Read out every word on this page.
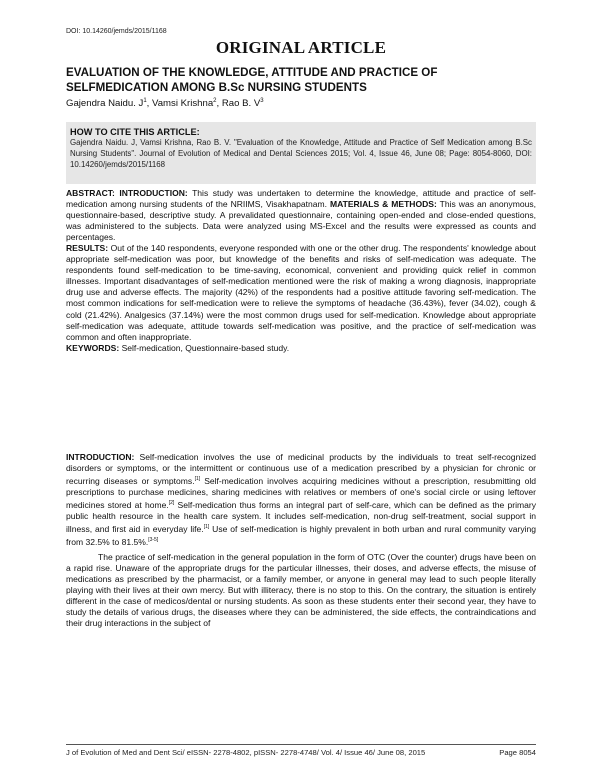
DOI: 10.14260/jemds/2015/1168
ORIGINAL ARTICLE
EVALUATION OF THE KNOWLEDGE, ATTITUDE AND PRACTICE OF SELFMEDICATION AMONG B.Sc NURSING STUDENTS
Gajendra Naidu. $J^1$, Vamsi Krishna$^2$, Rao B. $V^3$
HOW TO CITE THIS ARTICLE:
Gajendra Naidu. J, Vamsi Krishna, Rao B. V. "Evaluation of the Knowledge, Attitude and Practice of Self Medication among B.Sc Nursing Students". Journal of Evolution of Medical and Dental Sciences 2015; Vol. 4, Issue 46, June 08; Page: 8054-8060, DOI: 10.14260/jemds/2015/1168
ABSTRACT: INTRODUCTION: This study was undertaken to determine the knowledge, attitude and practice of self-medication among nursing students of the NRIIMS, Visakhapatnam. MATERIALS & METHODS: This was an anonymous, questionnaire-based, descriptive study. A prevalidated questionnaire, containing open-ended and close-ended questions, was administered to the subjects. Data were analyzed using MS-Excel and the results were expressed as counts and percentages.
RESULTS: Out of the 140 respondents, everyone responded with one or the other drug. The respondents' knowledge about appropriate self-medication was poor, but knowledge of the benefits and risks of self-medication was adequate. The respondents found self-medication to be time-saving, economical, convenient and providing quick relief in common illnesses. Important disadvantages of self-medication mentioned were the risk of making a wrong diagnosis, inappropriate drug use and adverse effects. The majority (42%) of the respondents had a positive attitude favoring self-medication. The most common indications for self-medication were to relieve the symptoms of headache (36.43%), fever (34.02), cough & cold (21.42%). Analgesics (37.14%) were the most common drugs used for self-medication. Knowledge about appropriate self-medication was adequate, attitude towards self-medication was positive, and the practice of self-medication was common and often inappropriate.
KEYWORDS: Self-medication, Questionnaire-based study.

INTRODUCTION: Self-medication involves the use of medicinal products by the individuals to treat self-recognized disorders or symptoms, or the intermittent or continuous use of a medication prescribed by a physician for chronic or recurring diseases or symptoms.[1] Self-medication involves acquiring medicines without a prescription, resubmitting old prescriptions to purchase medicines, sharing medicines with relatives or members of one's social circle or using leftover medicines stored at home.[2] Self-medication thus forms an integral part of self-care, which can be defined as the primary public health resource in the health care system. It includes self-medication, non-drug self-treatment, social support in illness, and first aid in everyday life.[1] Use of self-medication is highly prevalent in both urban and rural community varying from 32.5% to 81.5%.[3-5]

The practice of self-medication in the general population in the form of OTC (Over the counter) drugs have been on a rapid rise. Unaware of the appropriate drugs for the particular illnesses, their doses, and adverse effects, the misuse of medications as prescribed by the pharmacist, or a family member, or anyone in general may lead to such people literally playing with their lives at their own mercy. But with illiteracy, there is no stop to this. On the contrary, the situation is entirely different in the case of medicos/dental or nursing students. As soon as these students enter their second year, they have to study the details of various drugs, the diseases where they can be administered, the side effects, the contraindications and their drug interactions in the subject of

J of Evolution of Med and Dent Sci/ eISSN- 2278-4802, pISSN- 2278-4748/ Vol. 4/ Issue 46/ June 08, 2015	Page 8054
